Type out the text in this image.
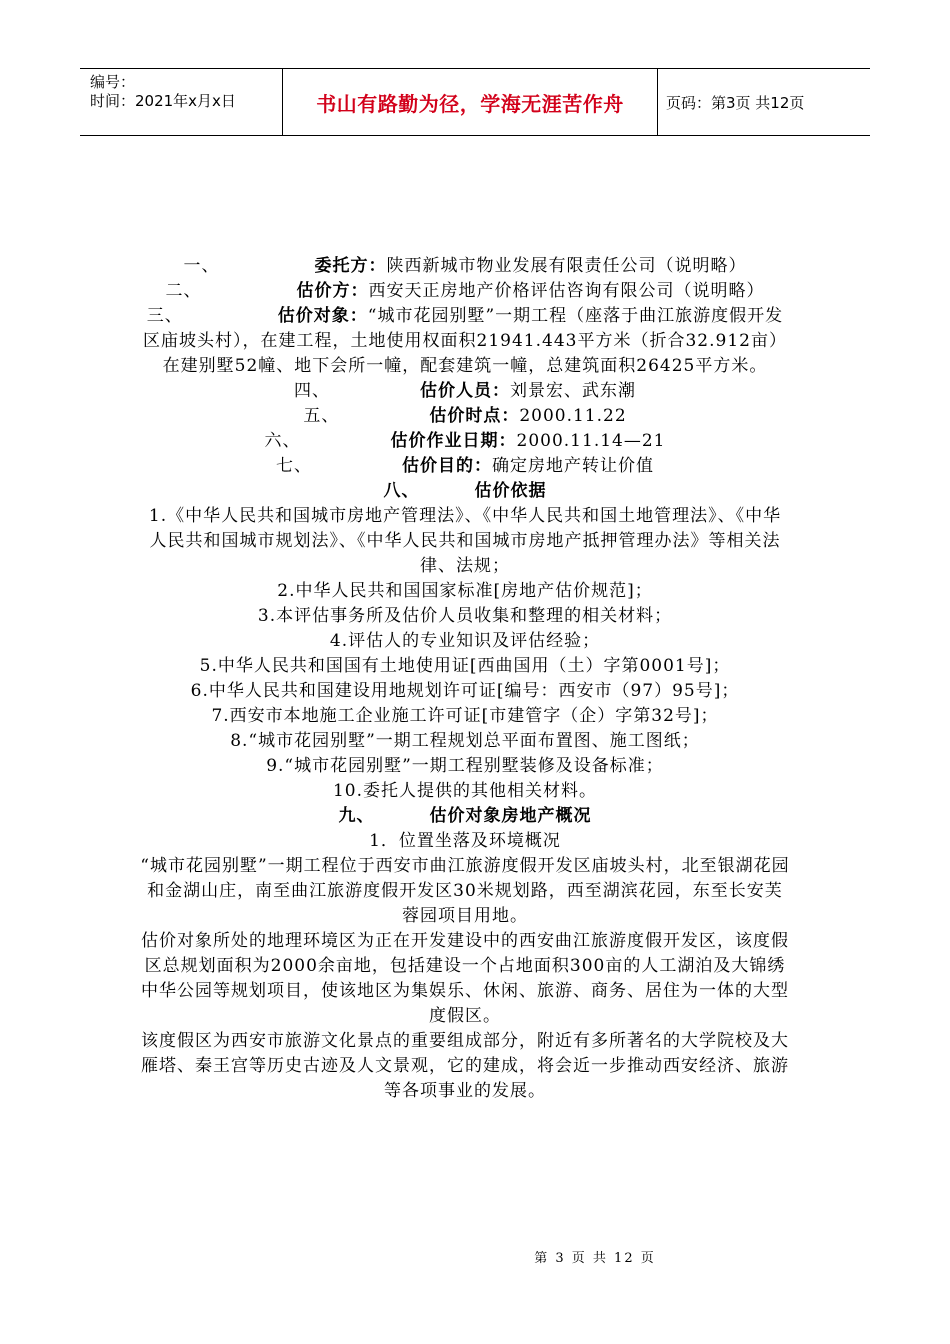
编号：
时间：2021年x月x日	书山有路勤为径，学海无涯苦作舟	页码：第3页 共12页

一、	委托方：陕西新城市物业发展有限责任公司（说明略）

二、	估价方：西安天正房地产价格评估咨询有限公司（说明略）

三、	估价对象：“城市花园别墅”一期工程（座落于曲江旅游度假开发区庙坡头村），在建工程，土地使用权面积21941.443平方米（折合32.912亩）在建别墅52幢、地下会所一幢，配套建筑一幢，总建筑面积26425平方米。

四、	估价人员：刘景宏、武东潮

五、	估价时点：2000.11.22

六、	估价作业日期：2000.11.14—21

七、	估价目的：确定房地产转让价值

八、	估价依据

1.《中华人民共和国城市房地产管理法》、《中华人民共和国土地管理法》、《中华人民共和国城市规划法》、《中华人民共和国城市房地产抵押管理办法》等相关法律、法规；

2.中华人民共和国国家标准[房地产估价规范]；

3.本评估事务所及估价人员收集和整理的相关材料；

4.评估人的专业知识及评估经验；

5.中华人民共和国国有土地使用证[西曲国用（土）字第0001号]；

6.中华人民共和国建设用地规划许可证[编号：西安市（97）95号]；

7.西安市本地施工企业施工许可证[市建管字（企）字第32号]；

8.“城市花园别墅”一期工程规划总平面布置图、施工图纸；

9.“城市花园别墅”一期工程别墅装修及设备标准；

10.委托人提供的其他相关材料。

九、	估价对象房地产概况

1．位置坐落及环境概况

“城市花园别墅”一期工程位于西安市曲江旅游度假开发区庙坡头村，北至银湖花园和金湖山庄，南至曲江旅游度假开发区30米规划路，西至湖滨花园，东至长安芙蓉园项目用地。

估价对象所处的地理环境区为正在开发建设中的西安曲江旅游度假开发区，该度假区总规划面积为2000余亩地，包括建设一个占地面积300亩的人工湖泊及大锦绣中华公园等规划项目，使该地区为集娱乐、休闲、旅游、商务、居住为一体的大型度假区。

该度假区为西安市旅游文化景点的重要组成部分，附近有多所著名的大学院校及大雁塔、秦王宫等历史古迹及人文景观，它的建成，将会近一步推动西安经济、旅游等各项事业的发展。

第 3 页 共 12 页
